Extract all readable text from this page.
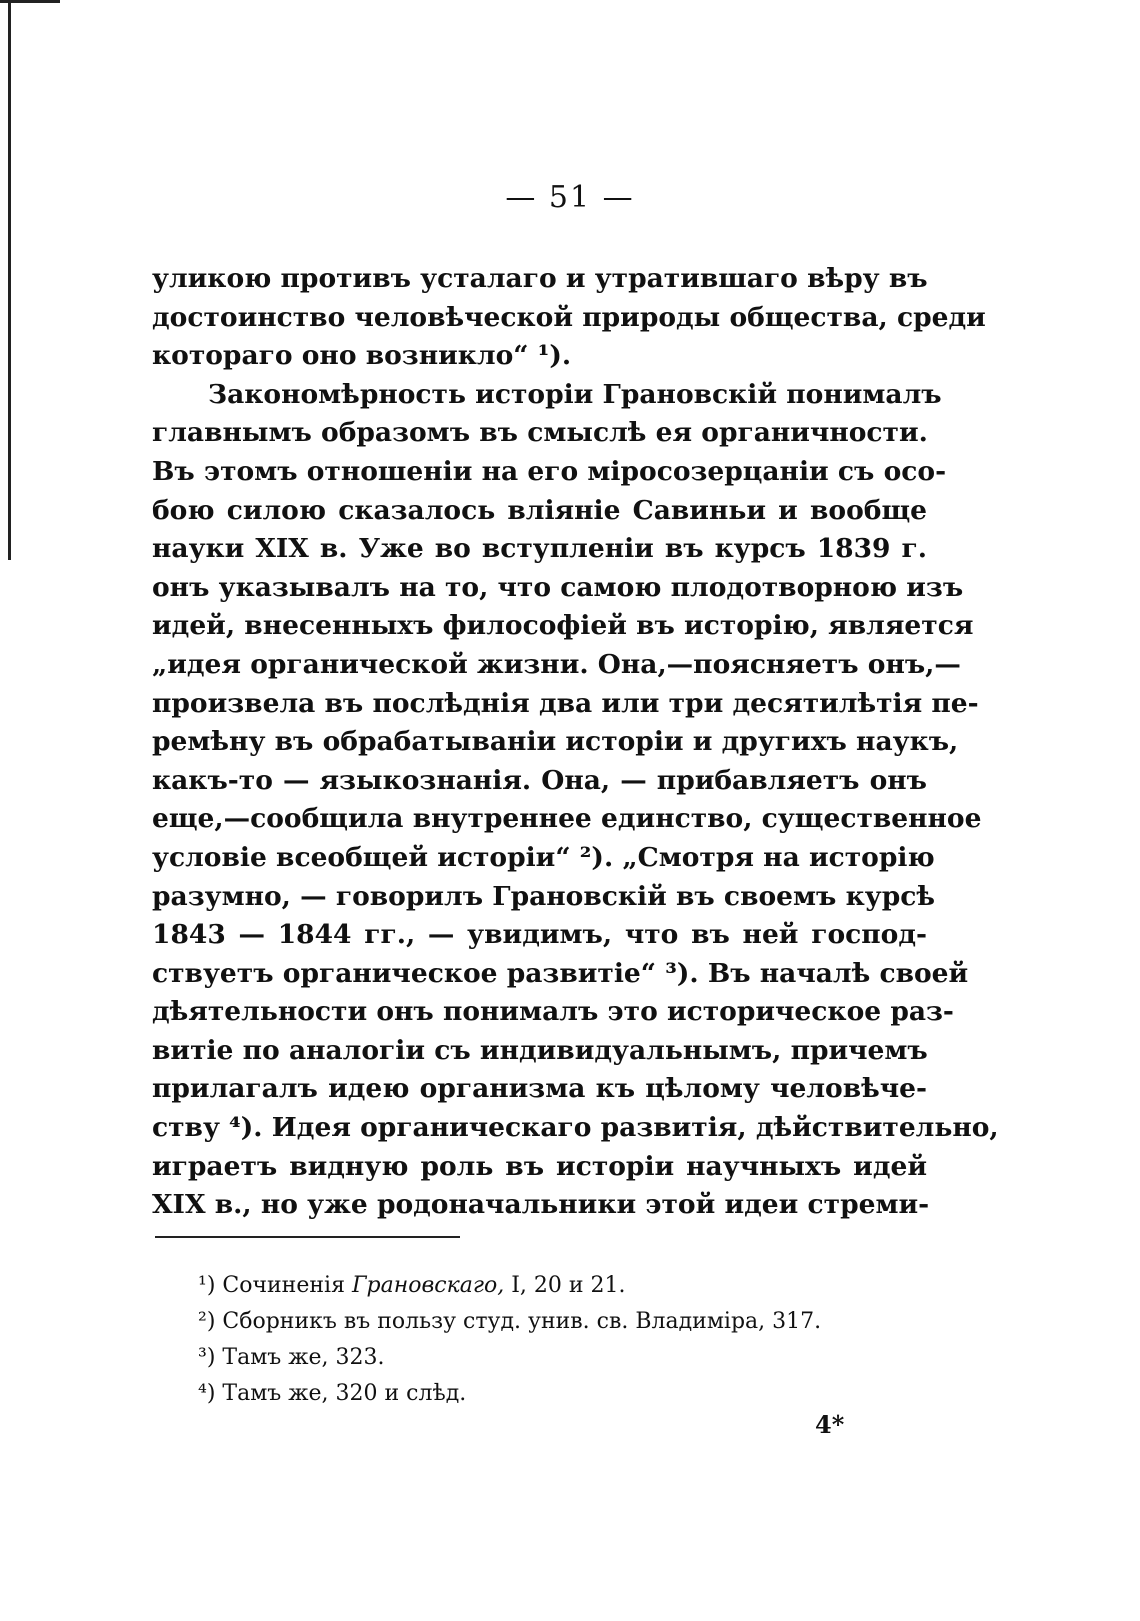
— 51 —
уликою противъ усталаго и утратившаго вѣру въ
достоинство человѣческой природы общества, среди
котораго оно возникло“ ¹).
Закономѣрность исторіи Грановскій понималъ
главнымъ образомъ въ смыслѣ ея органичности.
Въ этомъ отношеніи на его міросозерцаніи съ осо-
бою силою сказалось вліяніе Савиньи и вообще
науки XIX в. Уже во вступленіи въ курсъ 1839 г.
онъ указывалъ на то, что самою плодотворною изъ
идей, внесенныхъ философіей въ исторію, является
„идея органической жизни. Она,—поясняетъ онъ,—
произвела въ послѣднія два или три десятилѣтія пе-
ремѣну въ обрабатываніи исторіи и другихъ наукъ,
какъ-то — языкознанія. Она, — прибавляетъ онъ
еще,—сообщила внутреннее единство, существенное
условіе всеобщей исторіи“ ²). „Смотря на исторію
разумно, — говорилъ Грановскій въ своемъ курсѣ
1843 — 1844 гг., — увидимъ, что въ ней господ-
ствуетъ органическое развитіе“ ³). Въ началѣ своей
дѣятельности онъ понималъ это историческое раз-
витіе по аналогіи съ индивидуальнымъ, причемъ
прилагалъ идею организма къ цѣлому человѣче-
ству ⁴). Идея органическаго развитія, дѣйствительно,
играетъ видную роль въ исторіи научныхъ идей
XIX в., но уже родоначальники этой идеи стреми-
¹) Сочиненія Грановскаго, I, 20 и 21.
²) Сборникъ въ пользу студ. унив. св. Владиміра, 317.
³) Тамъ же, 323.
⁴) Тамъ же, 320 и слѣд.
4*
